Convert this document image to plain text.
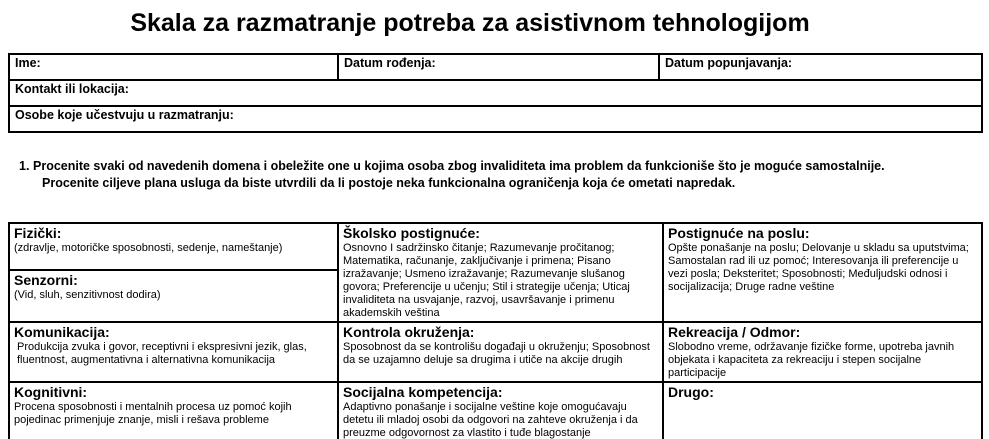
Skala za razmatranje potreba za asistivnom tehnologijom
Ime:	Datum rođenja:	Datum popunjavanja:
Kontakt ili lokacija:
Osobe koje učestvuju u razmatranju:
1. Procenite svaki od navedenih domena i obeležite one u kojima osoba zbog invaliditeta ima problem da funkcioniše što je moguće samostalnije.
Procenite ciljeve plana usluga da biste utvrdili da li postoje neka funkcionalna ograničenja koja će ometati napredak.
Fizički:
(zdravlje, motoričke sposobnosti, sedenje, nameštanje)

Školsko postignuće:
Osnovno I sadržinsko čitanje; Razumevanje pročitanog; Matematika, računanje, zaključivanje i primena; Pisano izražavanje; Usmeno izražavanje; Razumevanje slušanog govora; Preferencije u učenju; Stil i strategije učenja; Uticaj invaliditeta na usvajanje, razvoj, usavršavanje i primenu akademskih veština

Postignuće na poslu:
Opšte ponašanje na poslu; Delovanje u skladu sa uputstvima; Samostalan rad ili uz pomoć; Interesovanja ili preferencije u vezi posla; Deksteritet; Sposobnosti; Međuljudski odnosi i socijalizacija; Druge radne veštine

Senzorni:
(Vid, sluh, senzitivnost dodira)		

Komunikacija:
Produkcija zvuka i govor, receptivni i ekspresivni jezik, glas, fluentnost, augmentativna i alternativna komunikacija

Kontrola okruženja:
Sposobnost da se kontrolišu događaji u okruženju; Sposobnost da se uzajamno deluje sa drugima i utiče na akcije drugih

Rekreacija / Odmor:
Slobodno vreme, održavanje fizičke forme, upotreba javnih objekata i kapaciteta za rekreaciju i stepen socijalne participacije

Kognitivni:
Procena sposobnosti i mentalnih procesa uz pomoć kojih pojedinac primenjuje znanje, misli i rešava probleme

Socijalna kompetencija:
Adaptivno ponašanje i socijalne veštine koje omogućavaju detetu ili mladoj osobi da odgovori na zahteve okruženja i da preuzme odgovornost za vlastito i tuđe blagostanje

Drugo:
